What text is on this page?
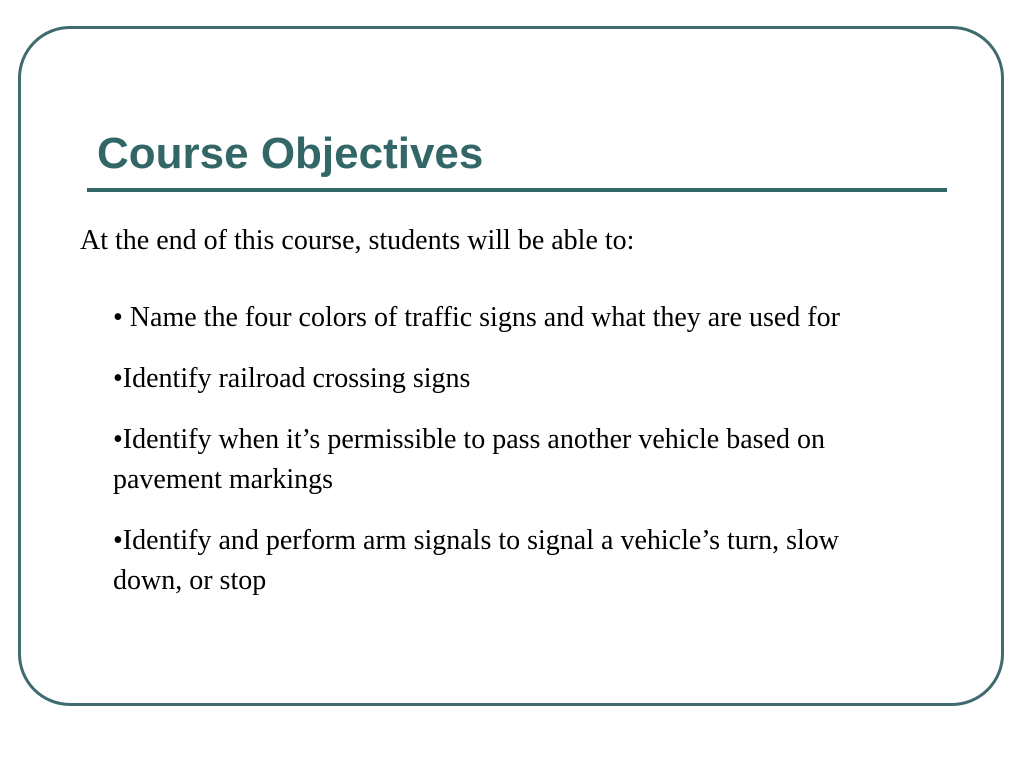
Course Objectives

At the end of this course, students will be able to:

• Name the four colors of traffic signs and what they are used for
•Identify railroad crossing signs
•Identify when it’s permissible to pass another vehicle based on pavement markings
•Identify and perform arm signals to signal a vehicle’s turn, slow down, or stop
